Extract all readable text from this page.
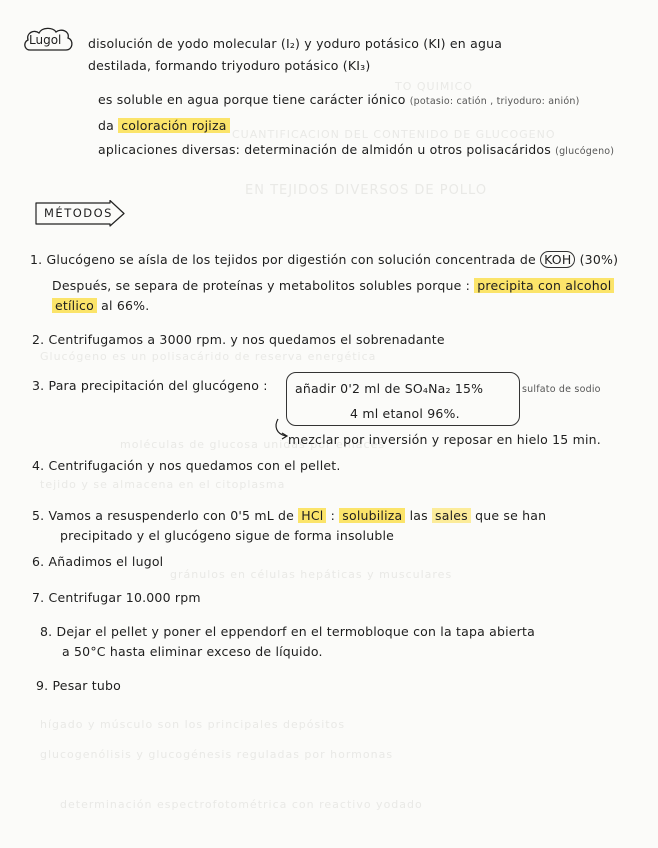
TO QUIMICO
CUANTIFICACION DEL CONTENIDO DE GLUCOGENO
EN TEJIDOS DIVERSOS DE POLLO
Glucógeno es un polisacárido de reserva energética
moléculas de glucosa unidas por enlaces
tejido y se almacena en el citoplasma
gránulos en células hepáticas y musculares
hígado y músculo son los principales depósitos
glucogenólisis y glucogénesis reguladas por hormonas
determinación espectrofotométrica con reactivo yodado
Lugol disolución de yodo molecular (I₂) y yoduro potásico (KI) en agua
destilada, formando triyoduro potásico (KI₃)
es soluble en agua porque tiene carácter iónico (potasio: catión , triyoduro: anión)
da coloración rojiza
aplicaciones diversas: determinación de almidón u otros polisacáridos (glucógeno)
MÉTODOS
1. Glucógeno se aísla de los tejidos por digestión con solución concentrada de KOH (30%)
Después, se separa de proteínas y metabolitos solubles porque : precipita con alcohol
etílico al 66%.
2. Centrifugamos a 3000 rpm. y nos quedamos el sobrenadante
3. Para precipitación del glucógeno : añadir 0'2 ml de SO₄Na₂ 15%
4 ml etanol 96%.
sulfato de sodio
mezclar por inversión y reposar en hielo 15 min.
4. Centrifugación y nos quedamos con el pellet.
5. Vamos a resuspenderlo con 0'5 mL de HCl : solubiliza las sales que se han
precipitado y el glucógeno sigue de forma insoluble
6. Añadimos el lugol
7. Centrifugar 10.000 rpm
8. Dejar el pellet y poner el eppendorf en el termobloque con la tapa abierta
a 50°C hasta eliminar exceso de líquido.
9. Pesar tubo
